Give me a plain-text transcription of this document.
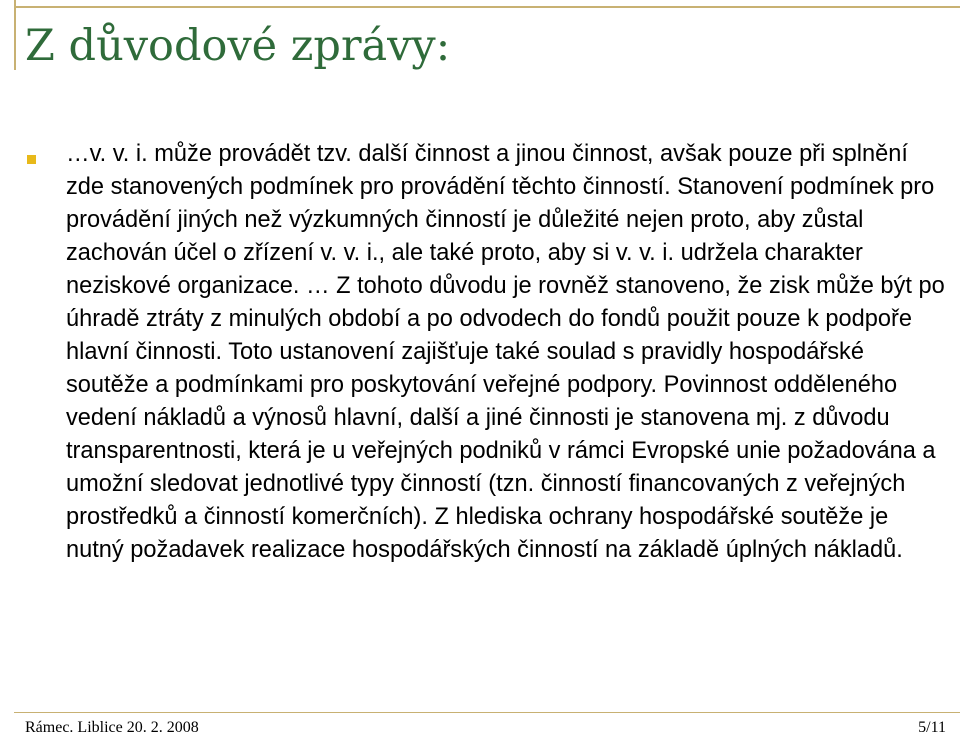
Z důvodové zprávy:

…v. v. i. může provádět tzv. další činnost a jinou činnost, avšak pouze při splnění zde stanovených podmínek pro provádění těchto činností. Stanovení podmínek pro provádění jiných než výzkumných činností je důležité nejen proto, aby zůstal zachován účel o zřízení v. v. i., ale také proto, aby si v. v. i. udržela charakter neziskové organizace. … Z tohoto důvodu je rovněž stanoveno, že zisk může být po úhradě ztráty z minulých období a po odvodech do fondů použit pouze k podpoře hlavní činnosti. Toto ustanovení zajišťuje také soulad s pravidly hospodářské soutěže a podmínkami pro poskytování veřejné podpory. Povinnost odděleného vedení nákladů a výnosů hlavní, další a jiné činnosti je stanovena mj. z důvodu transparentnosti, která je u veřejných podniků v rámci Evropské unie požadována a umožní sledovat jednotlivé typy činností (tzn. činností financovaných z veřejných prostředků a činností komerčních). Z hlediska ochrany hospodářské soutěže je nutný požadavek realizace hospodářských činností na základě úplných nákladů.

Rámec. Liblice 20. 2. 2008	5/11
